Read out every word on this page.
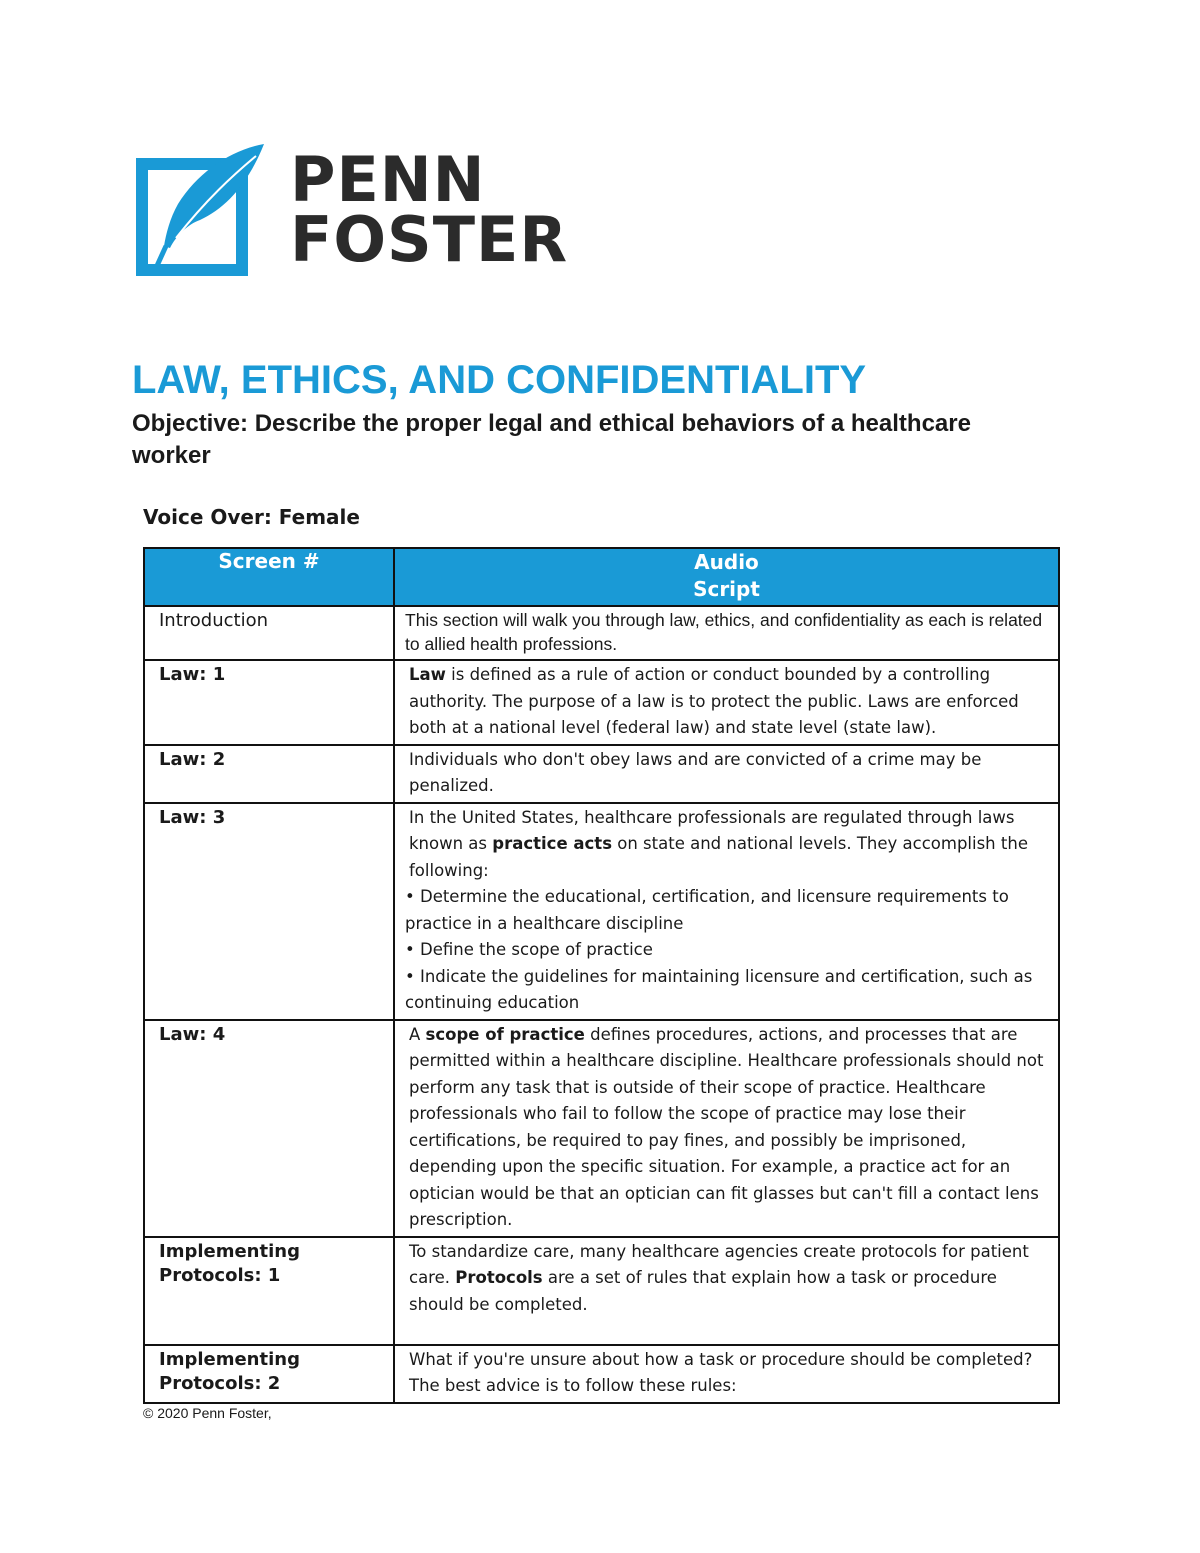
PENN
FOSTER
LAW, ETHICS, AND CONFIDENTIALITY
Objective: Describe the proper legal and ethical behaviors of a healthcare worker
Voice Over: Female
Screen #	Audio
Script
Introduction	This section will walk you through law, ethics, and confidentiality as each is related to allied health professions.
Law: 1	Law is defined as a rule of action or conduct bounded by a controlling authority. The purpose of a law is to protect the public. Laws are enforced both at a national level (federal law) and state level (state law).
Law: 2	Individuals who don't obey laws and are convicted of a crime may be penalized.
Law: 3	In the United States, healthcare professionals are regulated through laws known as practice acts on state and national levels. They accomplish the following:
• Determine the educational, certification, and licensure requirements to practice in a healthcare discipline
• Define the scope of practice
• Indicate the guidelines for maintaining licensure and certification, such as continuing education

Law: 4	A scope of practice defines procedures, actions, and processes that are permitted within a healthcare discipline. Healthcare professionals should not perform any task that is outside of their scope of practice. Healthcare professionals who fail to follow the scope of practice may lose their certifications, be required to pay fines, and possibly be imprisoned, depending upon the specific situation. For example, a practice act for an optician would be that an optician can fit glasses but can't fill a contact lens prescription.
Implementing Protocols: 1	To standardize care, many healthcare agencies create protocols for patient care. Protocols are a set of rules that explain how a task or procedure should be completed.
Implementing Protocols: 2	What if you're unsure about how a task or procedure should be completed? The best advice is to follow these rules:
© 2020 Penn Foster,
